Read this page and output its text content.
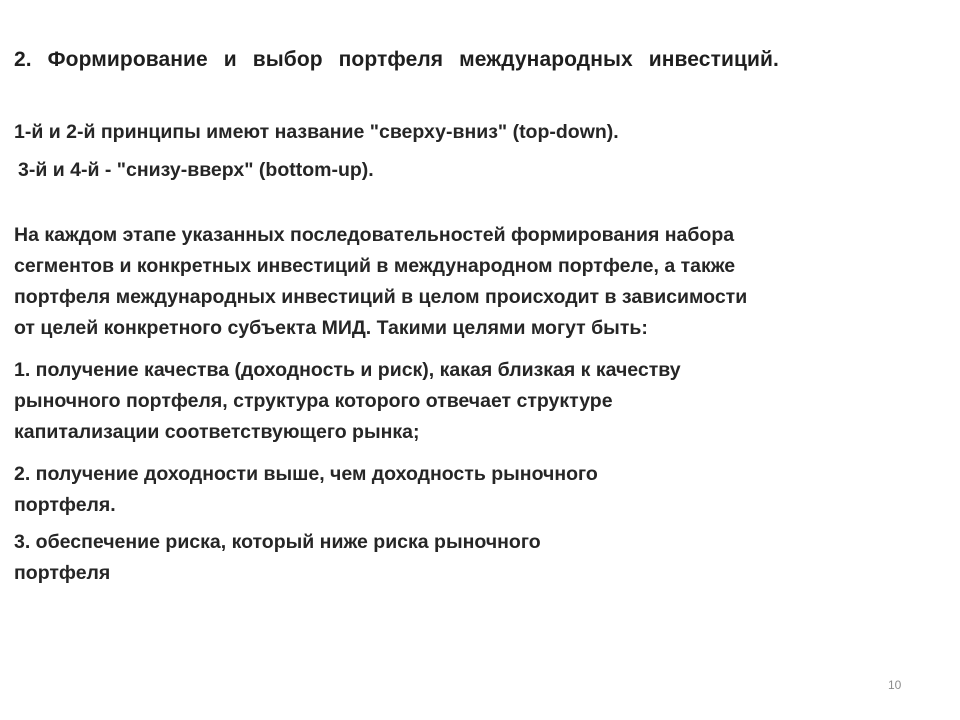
2. Формирование и выбор портфеля международных инвестиций.
1-й и 2-й принципы имеют название "сверху-вниз" (top-down).
3-й и 4-й - "снизу-вверх" (bottom-up).
На каждом этапе указанных последовательностей формирования набора
сегментов и конкретных инвестиций в международном портфеле, а также
портфеля международных инвестиций в целом происходит в зависимости
от целей конкретного субъекта МИД. Такими целями могут быть:
1. получение качества (доходность и риск), какая близкая к качеству
рыночного портфеля, структура которого отвечает структуре
капитализации соответствующего рынка;
2. получение доходности выше, чем доходность рыночного
портфеля.
3. обеспечение риска, который ниже риска рыночного
портфеля
10
